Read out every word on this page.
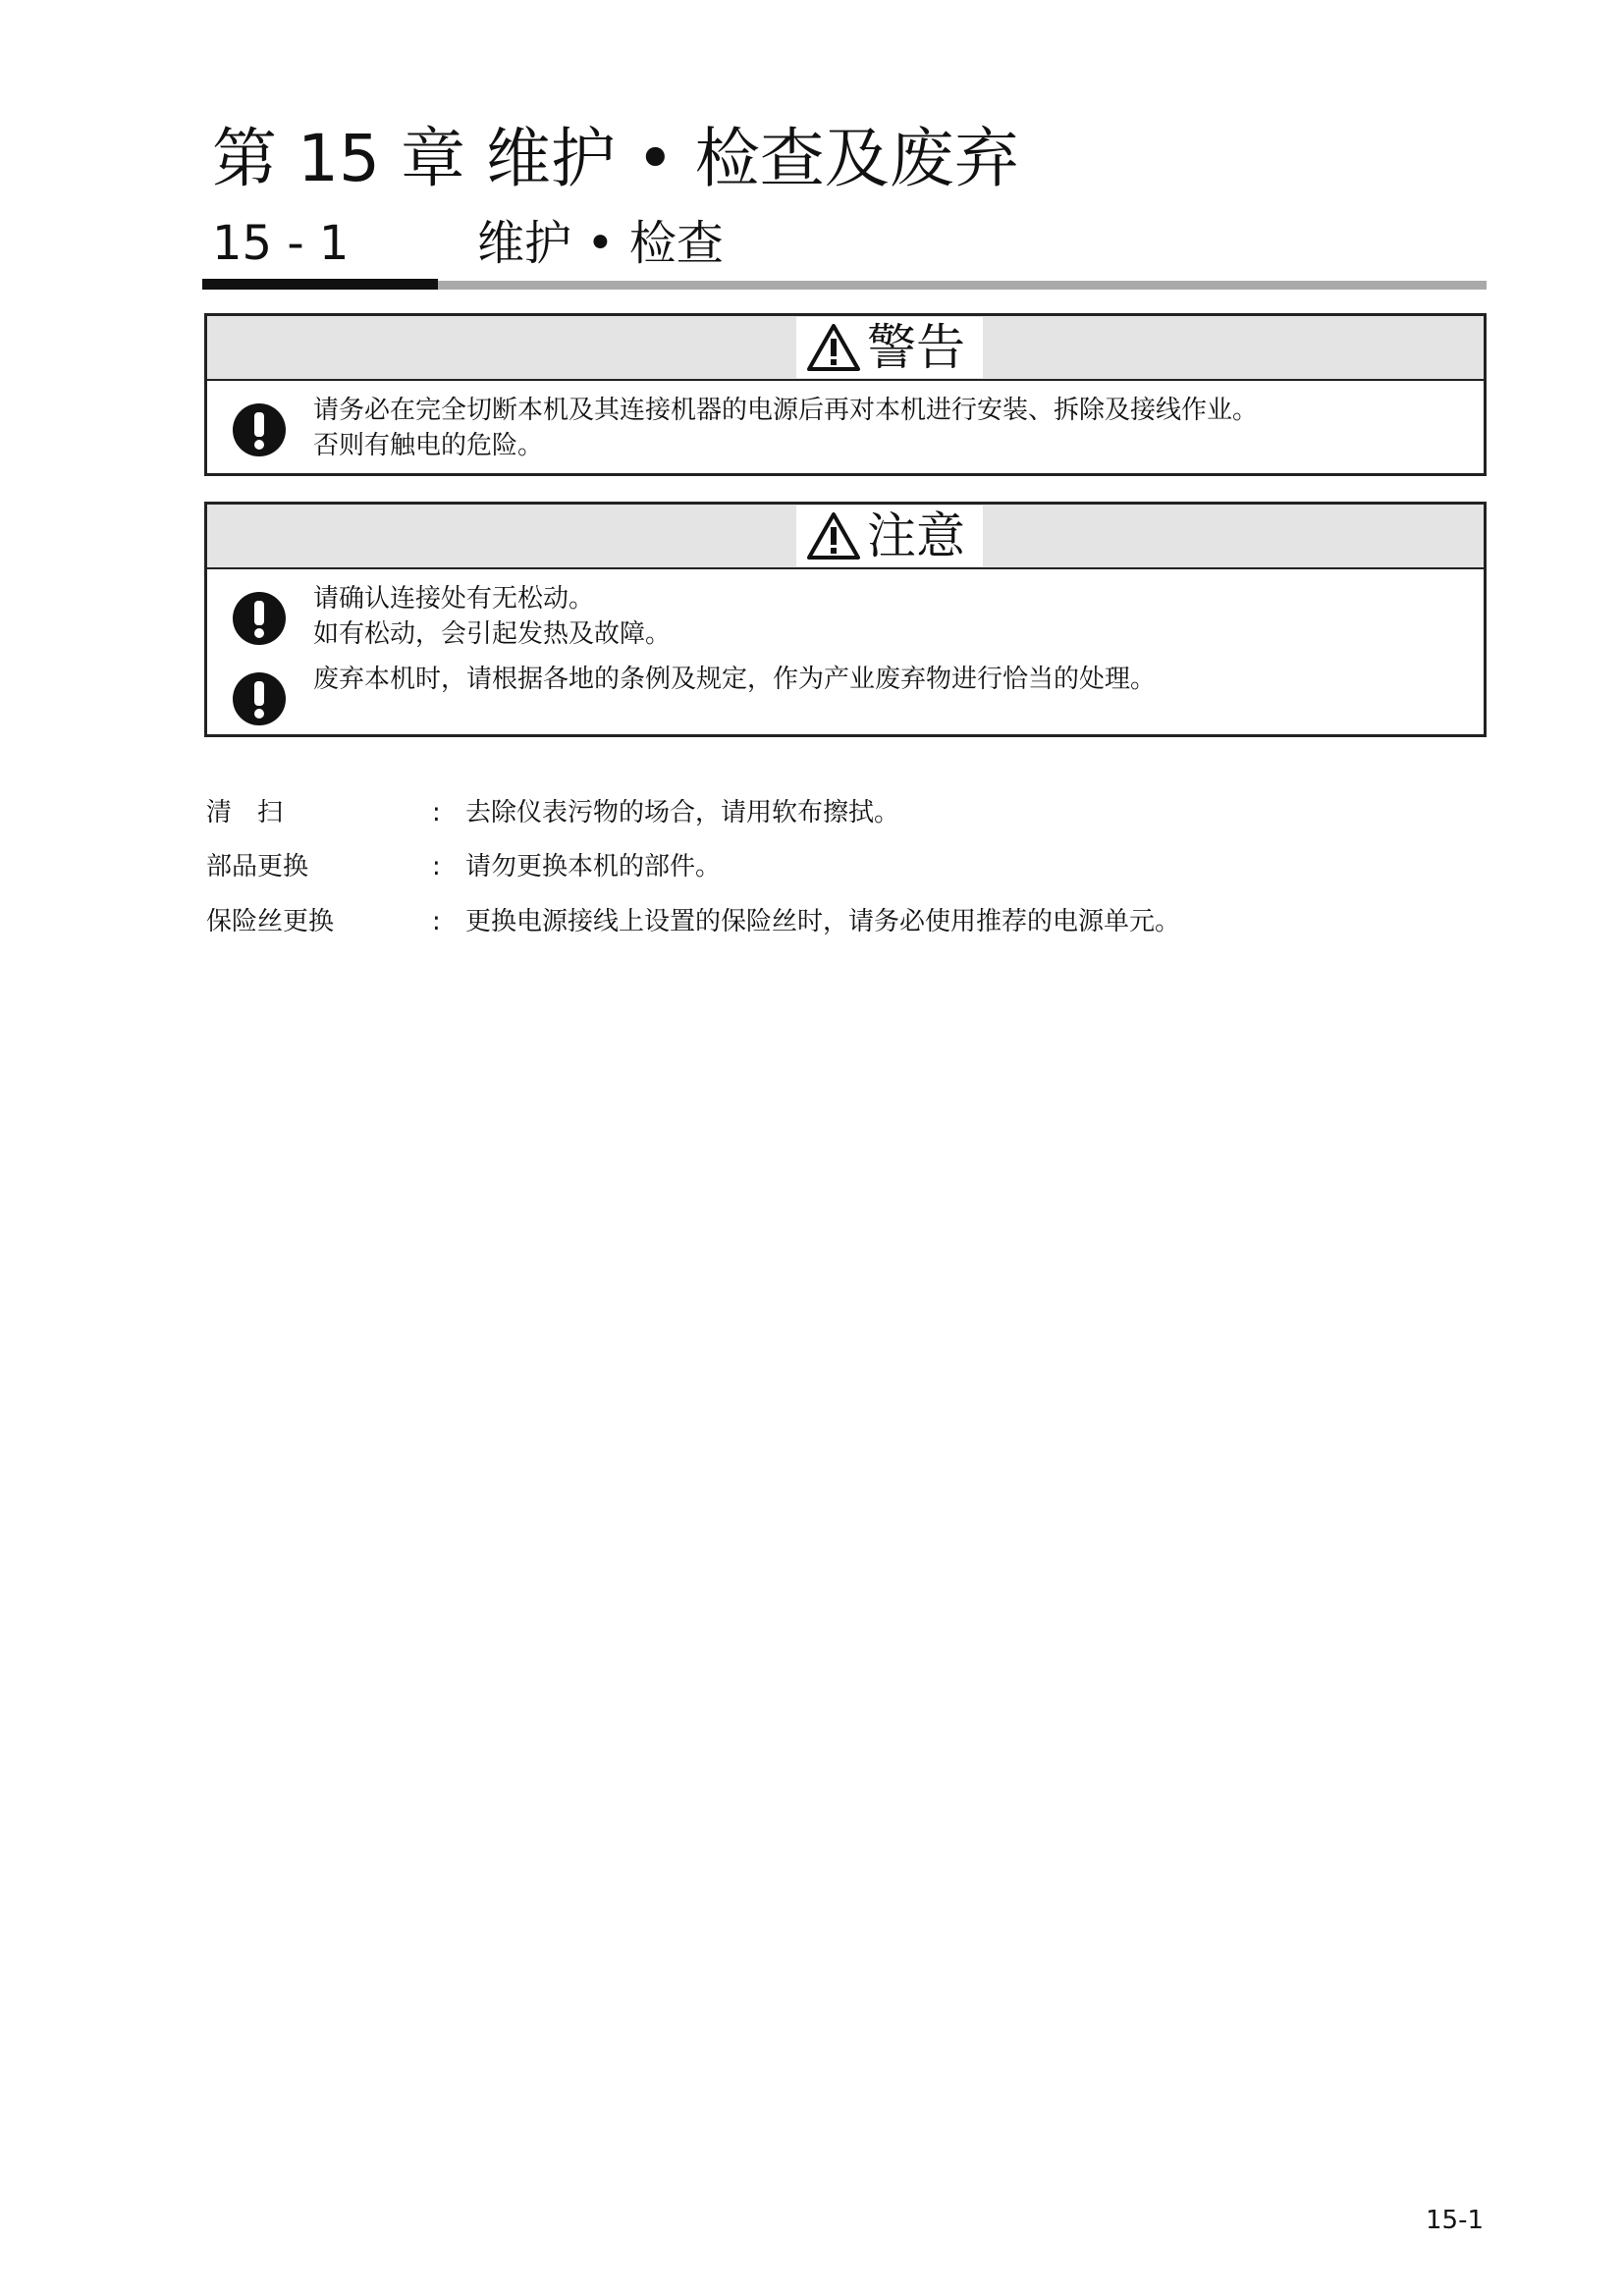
第 15 章 维护 • 检查及废弃
15 - 1	维护 • 检查
警告
请务必在完全切断本机及其连接机器的电源后再对本机进行安装、拆除及接线作业。
否则有触电的危险。
注意
请确认连接处有无松动。
如有松动，会引起发热及故障。
废弃本机时，请根据各地的条例及规定，作为产业废弃物进行恰当的处理。
清　扫	: 去除仪表污物的场合，请用软布擦拭。
部品更换	: 请勿更换本机的部件。
保险丝更换	: 更换电源接线上设置的保险丝时，请务必使用推荐的电源单元。
15-1
